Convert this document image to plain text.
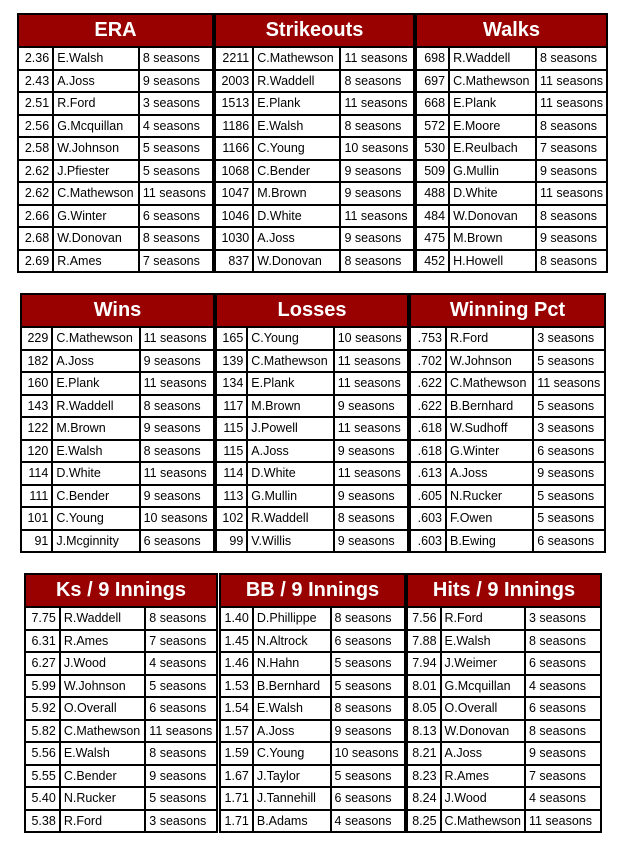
ERA
2.36	E.Walsh	8 seasons
2.43	A.Joss	9 seasons
2.51	R.Ford	3 seasons
2.56	G.Mcquillan	4 seasons
2.58	W.Johnson	5 seasons
2.62	J.Pfiester	5 seasons
2.62	C.Mathewson	11 seasons
2.66	G.Winter	6 seasons
2.68	W.Donovan	8 seasons
2.69	R.Ames	7 seasons
Strikeouts
2211	C.Mathewson	11 seasons
2003	R.Waddell	8 seasons
1513	E.Plank	11 seasons
1186	E.Walsh	8 seasons
1166	C.Young	10 seasons
1068	C.Bender	9 seasons
1047	M.Brown	9 seasons
1046	D.White	11 seasons
1030	A.Joss	9 seasons
837	W.Donovan	8 seasons
Walks
698	R.Waddell	8 seasons
697	C.Mathewson	11 seasons
668	E.Plank	11 seasons
572	E.Moore	8 seasons
530	E.Reulbach	7 seasons
509	G.Mullin	9 seasons
488	D.White	11 seasons
484	W.Donovan	8 seasons
475	M.Brown	9 seasons
452	H.Howell	8 seasons
Wins
229	C.Mathewson	11 seasons
182	A.Joss	9 seasons
160	E.Plank	11 seasons
143	R.Waddell	8 seasons
122	M.Brown	9 seasons
120	E.Walsh	8 seasons
114	D.White	11 seasons
111	C.Bender	9 seasons
101	C.Young	10 seasons
91	J.Mcginnity	6 seasons
Losses
165	C.Young	10 seasons
139	C.Mathewson	11 seasons
134	E.Plank	11 seasons
117	M.Brown	9 seasons
115	J.Powell	11 seasons
115	A.Joss	9 seasons
114	D.White	11 seasons
113	G.Mullin	9 seasons
102	R.Waddell	8 seasons
99	V.Willis	9 seasons
Winning Pct
.753	R.Ford	3 seasons
.702	W.Johnson	5 seasons
.622	C.Mathewson	11 seasons
.622	B.Bernhard	5 seasons
.618	W.Sudhoff	3 seasons
.618	G.Winter	6 seasons
.613	A.Joss	9 seasons
.605	N.Rucker	5 seasons
.603	F.Owen	5 seasons
.603	B.Ewing	6 seasons
Ks / 9 Innings
7.75	R.Waddell	8 seasons
6.31	R.Ames	7 seasons
6.27	J.Wood	4 seasons
5.99	W.Johnson	5 seasons
5.92	O.Overall	6 seasons
5.82	C.Mathewson	11 seasons
5.56	E.Walsh	8 seasons
5.55	C.Bender	9 seasons
5.40	N.Rucker	5 seasons
5.38	R.Ford	3 seasons
BB / 9 Innings
1.40	D.Phillippe	8 seasons
1.45	N.Altrock	6 seasons
1.46	N.Hahn	5 seasons
1.53	B.Bernhard	5 seasons
1.54	E.Walsh	8 seasons
1.57	A.Joss	9 seasons
1.59	C.Young	10 seasons
1.67	J.Taylor	5 seasons
1.71	J.Tannehill	6 seasons
1.71	B.Adams	4 seasons
Hits / 9 Innings
7.56	R.Ford	3 seasons
7.88	E.Walsh	8 seasons
7.94	J.Weimer	6 seasons
8.01	G.Mcquillan	4 seasons
8.05	O.Overall	6 seasons
8.13	W.Donovan	8 seasons
8.21	A.Joss	9 seasons
8.23	R.Ames	7 seasons
8.24	J.Wood	4 seasons
8.25	C.Mathewson	11 seasons
